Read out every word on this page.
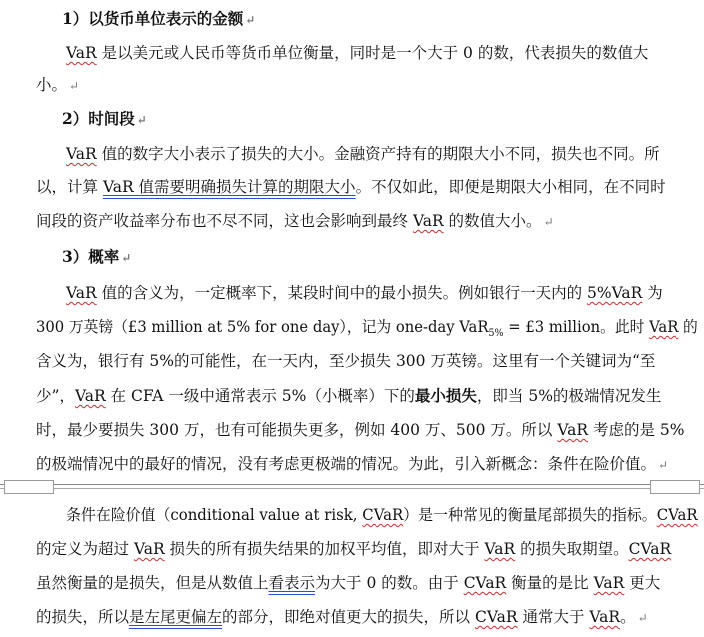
1）以货币单位表示的金额 ↵
VaR 是以美元或人民币等货币单位衡量，同时是一个大于 0 的数，代表损失的数值大
小。 ↵
2）时间段 ↵
VaR 值的数字大小表示了损失的大小。金融资产持有的期限大小不同，损失也不同。所
以，计算 VaR 值需要明确损失计算的期限大小。不仅如此，即便是期限大小相同，在不同时
间段的资产收益率分布也不尽不同，这也会影响到最终 VaR 的数值大小。 ↵
3）概率 ↵
VaR 值的含义为，一定概率下，某段时间中的最小损失。例如银行一天内的 5%VaR 为
300 万英镑（£3 million at 5% for one day），记为 one-day VaR$_{5\%}$ = £3 million。此时 VaR 的
含义为，银行有 5%的可能性，在一天内，至少损失 300 万英镑。这里有一个关键词为“至
少”，VaR 在 CFA 一级中通常表示 5%（小概率）下的最小损失，即当 5%的极端情况发生
时，最少要损失 300 万，也有可能损失更多，例如 400 万、500 万。所以 VaR 考虑的是 5%
的极端情况中的最好的情况，没有考虑更极端的情况。为此，引入新概念：条件在险价值。 ↵
条件在险价值（conditional value at risk, CVaR）是一种常见的衡量尾部损失的指标。CVaR
的定义为超过 VaR 损失的所有损失结果的加权平均值，即对大于 VaR 的损失取期望。CVaR
虽然衡量的是损失，但是从数值上看表示为大于 0 的数。由于 CVaR 衡量的是比 VaR 更大
的损失，所以是左尾更偏左的部分，即绝对值更大的损失，所以 CVaR 通常大于 VaR。 ↵
